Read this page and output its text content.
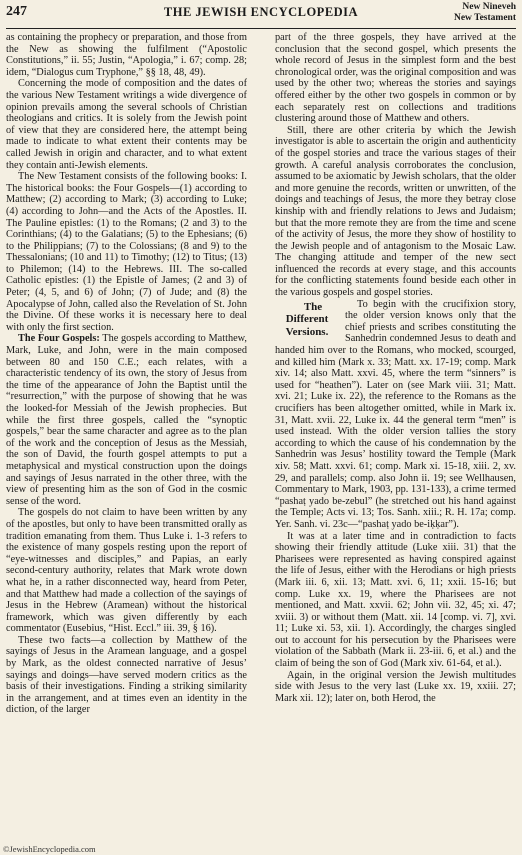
247	THE JEWISH ENCYCLOPEDIA	New Nineveh
New Testament

as containing the prophecy or preparation, and those from the New as showing the fulfilment (“Apostolic Constitutions,” ii. 55; Justin, “Apologia,” i. 67; comp. 28; idem, “Dialogus cum Tryphone,” §§ 18, 48, 49).

Concerning the mode of composition and the dates of the various New Testament writings a wide divergence of opinion prevails among the several schools of Christian theologians and critics. It is solely from the Jewish point of view that they are considered here, the attempt being made to indicate to what extent their contents may be called Jewish in origin and character, and to what extent they contain anti-Jewish elements.

The New Testament consists of the following books: I. The historical books: the Four Gospels—(1) according to Matthew; (2) according to Mark; (3) according to Luke; (4) according to John—and the Acts of the Apostles. II. The Pauline epistles: (1) to the Romans; (2 and 3) to the Corinthians; (4) to the Galatians; (5) to the Ephesians; (6) to the Philippians; (7) to the Colossians; (8 and 9) to the Thessalonians; (10 and 11) to Timothy; (12) to Titus; (13) to Philemon; (14) to the Hebrews. III. The so-called Catholic epistles: (1) the Epistle of James; (2 and 3) of Peter; (4, 5, and 6) of John; (7) of Jude; and (8) the Apocalypse of John, called also the Revelation of St. John the Divine. Of these works it is necessary here to deal with only the first section.

The Four Gospels: The gospels according to Matthew, Mark, Luke, and John, were in the main composed between 80 and 150 C.E.; each relates, with a characteristic tendency of its own, the story of Jesus from the time of the appearance of John the Baptist until the “resurrection,” with the purpose of showing that he was the looked-for Messiah of the Jewish prophecies. But while the first three gospels, called the “synoptic gospels,” bear the same character and agree as to the plan of the work and the conception of Jesus as the Messiah, the son of David, the fourth gospel attempts to put a metaphysical and mystical construction upon the doings and sayings of Jesus narrated in the other three, with the view of presenting him as the son of God in the cosmic sense of the word.

The gospels do not claim to have been written by any of the apostles, but only to have been transmitted orally as tradition emanating from them. Thus Luke i. 1-3 refers to the existence of many gospels resting upon the report of “eye-witnesses and disciples,” and Papias, an early second-century authority, relates that Mark wrote down what he, in a rather disconnected way, heard from Peter, and that Matthew had made a collection of the sayings of Jesus in the Hebrew (Aramean) without the historical framework, which was given differently by each commentator (Eusebius, “Hist. Eccl.” iii. 39, § 16).

These two facts—a collection by Matthew of the sayings of Jesus in the Aramean language, and a gospel by Mark, as the oldest connected narrative of Jesus’ sayings and doings—have served modern critics as the basis of their investigations. Finding a striking similarity in the arrangement, and at times even an identity in the diction, of the larger

part of the three gospels, they have arrived at the conclusion that the second gospel, which presents the whole record of Jesus in the simplest form and the best chronological order, was the original composition and was used by the other two; whereas the stories and sayings offered either by the other two gospels in common or by each separately rest on collections and traditions clustering around those of Matthew and others.

Still, there are other criteria by which the Jewish investigator is able to ascertain the origin and authenticity of the gospel stories and trace the various stages of their growth. A careful analysis corroborates the conclusion, assumed to be axiomatic by Jewish scholars, that the older and more genuine the records, written or unwritten, of the doings and teachings of Jesus, the more they betray close kinship with and friendly relations to Jews and Judaism; but that the more remote they are from the time and scene of the activity of Jesus, the more they show of hostility to the Jewish people and of antagonism to the Mosaic Law. The changing attitude and temper of the new sect influenced the records at every stage, and this accounts for the conflicting statements found beside each other in the various gospels and gospel stories.

The Different
Versions.
To begin with the crucifixion story, the older version knows only that the chief priests and scribes constituting the Sanhedrin condemned Jesus to death and handed him over to the Romans, who mocked, scourged, and killed him (Mark x. 33; Matt. xx. 17-19; comp. Mark xiv. 14; also Matt. xxvi. 45, where the term “sinners” is used for “heathen”). Later on (see Mark viii. 31; Matt. xvi. 21; Luke ix. 22), the reference to the Romans as the crucifiers has been altogether omitted, while in Mark ix. 31, Matt. xvii. 22, Luke ix. 44 the general term “men” is used instead. With the older version tallies the story according to which the cause of his condemnation by the Sanhedrin was Jesus’ hostility toward the Temple (Mark xiv. 58; Matt. xxvi. 61; comp. Mark xi. 15-18, xiii. 2, xv. 29, and parallels; comp. also John ii. 19; see Wellhausen, Commentary to Mark, 1903, pp. 131-133), a crime termed “pashaṭ yado be-zebul” (he stretched out his hand against the Temple; Acts vi. 13; Tos. Sanh. xiii.; R. H. 17a; comp. Yer. Sanh. vi. 23c—“pashaṭ yado be-iḳḳar”).

It was at a later time and in contradiction to facts showing their friendly attitude (Luke xiii. 31) that the Pharisees were represented as having conspired against the life of Jesus, either with the Herodians or high priests (Mark iii. 6, xii. 13; Matt. xvi. 6, 11; xxii. 15-16; but comp. Luke xx. 19, where the Pharisees are not mentioned, and Matt. xxvii. 62; John vii. 32, 45; xi. 47; xviii. 3) or without them (Matt. xii. 14 [comp. vi. 7], xvi. 11; Luke xi. 53, xii. 1). Accordingly, the charges singled out to account for his persecution by the Pharisees were violation of the Sabbath (Mark ii. 23-iii. 6, et al.) and the claim of being the son of God (Mark xiv. 61-64, et al.).

Again, in the original version the Jewish multitudes side with Jesus to the very last (Luke xx. 19, xxiii. 27; Mark xii. 12); later on, both Herod, the

©JewishEncyclopedia.com
